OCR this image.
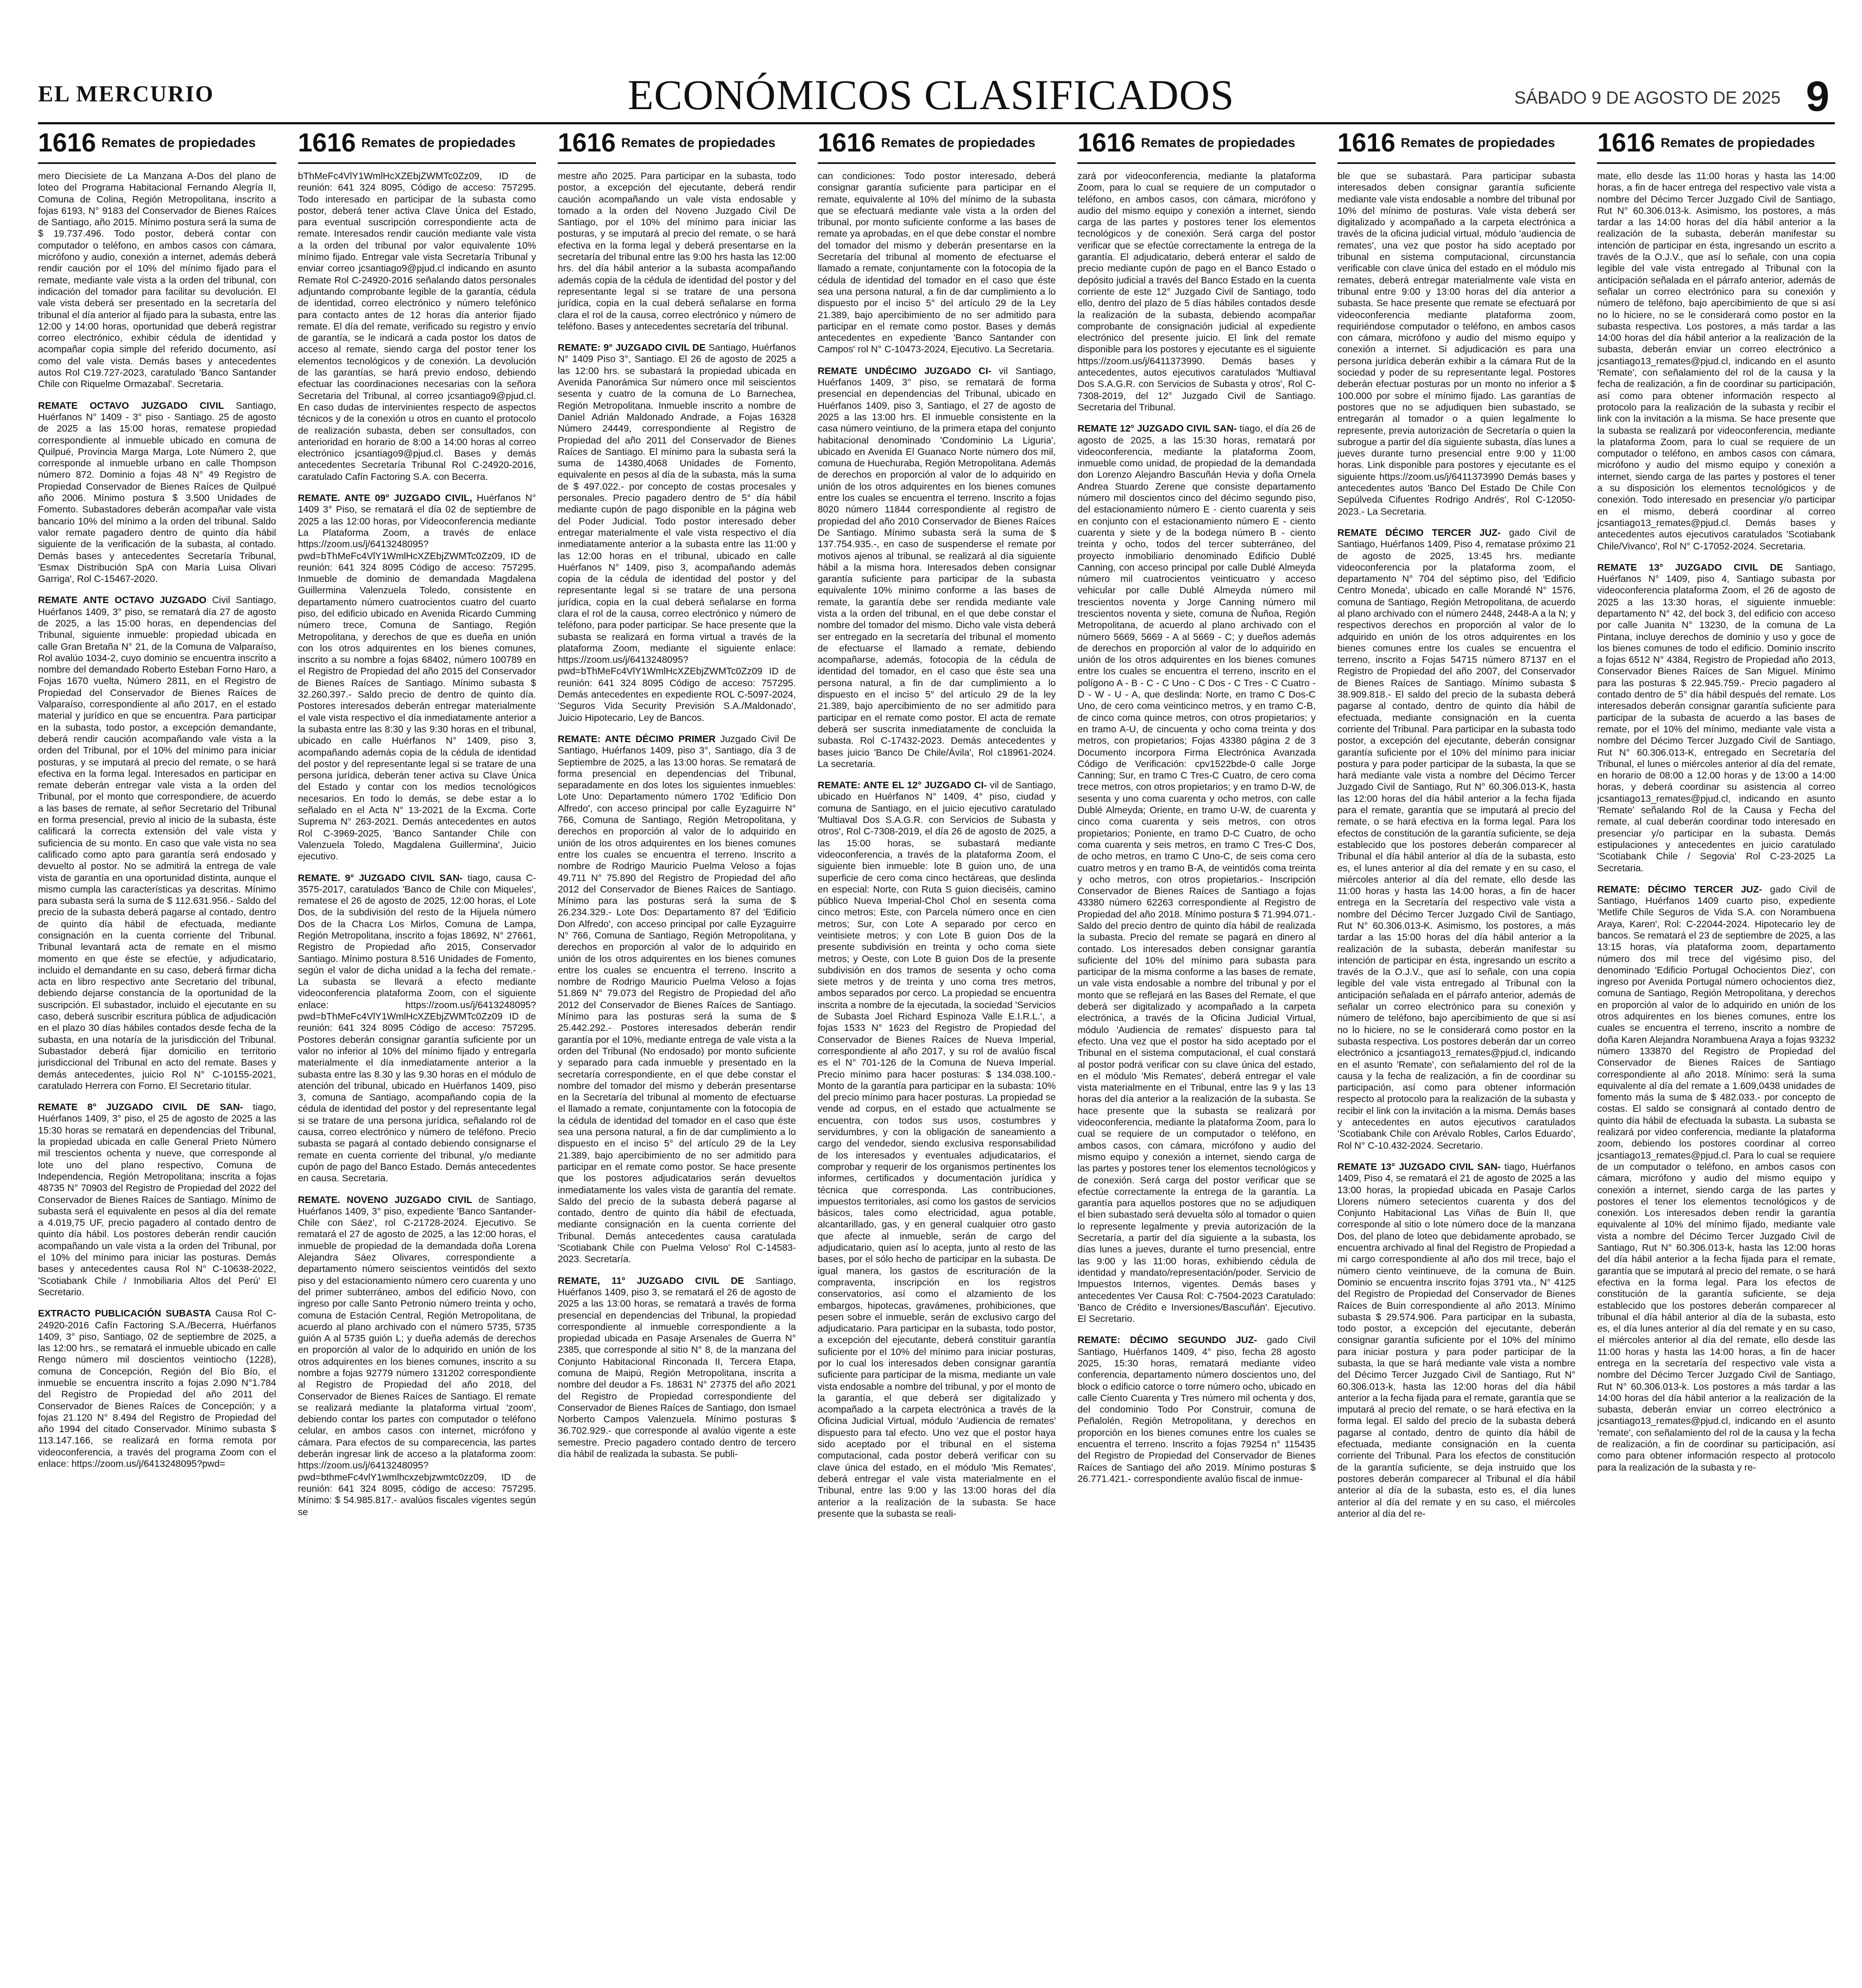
EL MERCURIO	ECONÓMICOS CLASIFICADOS	SÁBADO 9 DE AGOSTO DE 2025 9
1616 Remates de propiedades

mero Diecisiete de La Manzana A-Dos del plano de loteo del Programa Habitacional Fernando Alegría II, Comuna de Colina, Región Metropolitana, inscrito a fojas 6193, N° 9183 del Conservador de Bienes Raíces de Santiago, año 2015. Mínimo postura será la suma de $ 19.737.496. Todo postor, deberá contar con computador o teléfono, en ambos casos con cámara, micrófono y audio, conexión a internet, además deberá rendir caución por el 10% del mínimo fijado para el remate, mediante vale vista a la orden del tribunal, con indicación del tomador para facilitar su devolución. El vale vista deberá ser presentado en la secretaría del tribunal el día anterior al fijado para la subasta, entre las 12:00 y 14:00 horas, oportunidad que deberá registrar correo electrónico, exhibir cédula de identidad y acompañar copia simple del referido documento, así como del vale vista. Demás bases y antecedentes autos Rol C19.727-2023, caratulado 'Banco Santander Chile con Riquelme Ormazabal'. Secretaria.

REMATE OCTAVO JUZGADO CIVIL

Santiago, Huérfanos N° 1409 - 3° piso - Santiago. 25 de agosto de 2025 a las 15:00 horas, rematese propiedad correspondiente al inmueble ubicado en comuna de Quilpué, Provincia Marga Marga, Lote Número 2, que corresponde al inmueble urbano en calle Thompson número 872. Dominio a fojas 48 N° 49 Registro de Propiedad Conservador de Bienes Raíces de Quilpué año 2006. Mínimo postura $ 3.500 Unidades de Fomento. Subastadores deberán acompañar vale vista bancario 10% del mínimo a la orden del tribunal. Saldo valor remate pagadero dentro de quinto día hábil siguiente de la verificación de la subasta, al contado. Demás bases y antecedentes Secretaría Tribunal, 'Esmax Distribución SpA con María Luisa Olivari Garriga', Rol C-15467-2020.

REMATE ANTE OCTAVO JUZGADO

Civil Santiago, Huérfanos 1409, 3° piso, se rematará día 27 de agosto de 2025, a las 15:00 horas, en dependencias del Tribunal, siguiente inmueble: propiedad ubicada en calle Gran Bretaña N° 21, de la Comuna de Valparaíso, Rol avalúo 1034-2, cuyo dominio se encuentra inscrito a nombre del demandado Roberto Esteban Forno Haro, a Fojas 1670 vuelta, Número 2811, en el Registro de Propiedad del Conservador de Bienes Raíces de Valparaíso, correspondiente al año 2017, en el estado material y jurídico en que se encuentra. Para participar en la subasta, todo postor, a excepción demandante, deberá rendir caución acompañando vale vista a la orden del Tribunal, por el 10% del mínimo para iniciar posturas, y se imputará al precio del remate, o se hará efectiva en la forma legal. Interesados en participar en remate deberán entregar vale vista a la orden del Tribunal, por el monto que correspondiere, de acuerdo a las bases de remate, al señor Secretario del Tribunal en forma presencial, previo al inicio de la subasta, éste calificará la correcta extensión del vale vista y suficiencia de su monto. En caso que vale vista no sea calificado como apto para garantía será endosado y devuelto al postor. No se admitirá la entrega de vale vista de garantía en una oportunidad distinta, aunque el mismo cumpla las características ya descritas. Mínimo para subasta será la suma de $ 112.631.956.- Saldo del precio de la subasta deberá pagarse al contado, dentro de quinto día hábil de efectuada, mediante consignación en la cuenta corriente del Tribunal. Tribunal levantará acta de remate en el mismo momento en que éste se efectúe, y adjudicatario, incluido el demandante en su caso, deberá firmar dicha acta en libro respectivo ante Secretario del tribunal, debiendo dejarse constancia de la oportunidad de la suscripción. El subastador, incluido el ejecutante en su caso, deberá suscribir escritura pública de adjudicación en el plazo 30 días hábiles contados desde fecha de la subasta, en una notaría de la jurisdicción del Tribunal. Subastador deberá fijar domicilio en territorio jurisdiccional del Tribunal en acto del remate. Bases y demás antecedentes, juicio Rol N° C-10155-2021, caratulado Herrera con Forno. El Secretario titular.

REMATE 8° JUZGADO CIVIL DE SAN-

tiago, Huérfanos 1409, 3° piso, el 25 de agosto de 2025 a las 15:30 horas se rematará en dependencias del Tribunal, la propiedad ubicada en calle General Prieto Número mil trescientos ochenta y nueve, que corresponde al lote uno del plano respectivo, Comuna de Independencia, Región Metropolitana; inscrita a fojas 48735 N° 70903 del Registro de Propiedad del 2022 del Conservador de Bienes Raíces de Santiago. Mínimo de subasta será el equivalente en pesos al día del remate a 4.019,75 UF, precio pagadero al contado dentro de quinto día hábil. Los postores deberán rendir caución acompañando un vale vista a la orden del Tribunal, por el 10% del mínimo para iniciar las posturas. Demás bases y antecedentes causa Rol N° C-10638-2022, 'Scotiabank Chile / Inmobiliaria Altos del Perú' El Secretario.

EXTRACTO PUBLICACIÓN SUBASTA

Causa Rol C-24920-2016 Cafín Factoring S.A./Becerra, Huérfanos 1409, 3° piso, Santiago, 02 de septiembre de 2025, a las 12:00 hrs., se rematará el inmueble ubicado en calle Rengo número mil doscientos veintiocho (1228), comuna de Concepción, Región del Bío Bío, el inmueble se encuentra inscrito a fojas 2.090 N°1.784 del Registro de Propiedad del año 2011 del Conservador de Bienes Raíces de Concepción; y a fojas 21.120 N° 8.494 del Registro de Propiedad del año 1994 del citado Conservador. Mínimo subasta $ 113.147.166, se realizará en forma remota por videoconferencia, a través del programa Zoom con el enlace: https://zoom.us/j/6413248095?pwd=

1616 Remates de propiedades

bThMeFc4VlY1WmlHcXZEbjZWMTc0Zz09, ID de reunión: 641 324 8095, Código de acceso: 757295. Todo interesado en participar de la subasta como postor, deberá tener activa Clave Única del Estado, para eventual suscripción correspondiente acta de remate. Interesados rendir caución mediante vale vista a la orden del tribunal por valor equivalente 10% mínimo fijado. Entregar vale vista Secretaría Tribunal y enviar correo jcsantiago9@pjud.cl indicando en asunto Remate Rol C-24920-2016 señalando datos personales adjuntando comprobante legible de la garantía, cédula de identidad, correo electrónico y número telefónico para contacto antes de 12 horas día anterior fijado remate. El día del remate, verificado su registro y envío de garantía, se le indicará a cada postor los datos de acceso al remate, siendo carga del postor tener los elementos tecnológicos y de conexión. La devolución de las garantías, se hará previo endoso, debiendo efectuar las coordinaciones necesarias con la señora Secretaria del Tribunal, al correo jcsantiago9@pjud.cl. En caso dudas de intervinientes respecto de aspectos técnicos y de la conexión u otros en cuanto el protocolo de realización subasta, deben ser consultados, con anterioridad en horario de 8:00 a 14:00 horas al correo electrónico jcsantiago9@pjud.cl. Bases y demás antecedentes Secretaría Tribunal Rol C-24920-2016, caratulado Cafín Factoring S.A. con Becerra.

REMATE. ANTE 09° JUZGADO CIVIL,

Huérfanos N° 1409 3° Piso, se rematará el día 02 de septiembre de 2025 a las 12:00 horas, por Videoconferencia mediante La Plataforma Zoom, a través de enlace https://zoom.us/j/6413248095?pwd=bThMeFc4VlY1WmlHcXZEbjZWMTc0Zz09, ID de reunión: 641 324 8095 Código de acceso: 757295. Inmueble de dominio de demandada Magdalena Guillermina Valenzuela Toledo, consistente en departamento número cuatrocientos cuatro del cuarto piso, del edificio ubicado en Avenida Ricardo Cumming número trece, Comuna de Santiago, Región Metropolitana, y derechos de que es dueña en unión con los otros adquirentes en los bienes comunes, inscrito a su nombre a fojas 68402, número 100789 en el Registro de Propiedad del año 2015 del Conservador de Bienes Raíces de Santiago. Mínimo subasta $ 32.260.397.- Saldo precio de dentro de quinto día. Postores interesados deberán entregar materialmente el vale vista respectivo el día inmediatamente anterior a la subasta entre las 8:30 y las 9:30 horas en el tribunal, ubicado en calle Huérfanos N° 1409, piso 3, acompañando además copia de la cédula de identidad del postor y del representante legal si se tratare de una persona jurídica, deberán tener activa su Clave Única del Estado y contar con los medios tecnológicos necesarios. En todo lo demás, se debe estar a lo señalado en el Acta N° 13-2021 de la Excma. Corte Suprema N° 263-2021. Demás antecedentes en autos Rol C-3969-2025, 'Banco Santander Chile con Valenzuela Toledo, Magdalena Guillermina', Juicio ejecutivo.

REMATE. 9° JUZGADO CIVIL SAN-

tiago, causa C-3575-2017, caratulados 'Banco de Chile con Miqueles', rematese el 26 de agosto de 2025, 12:00 horas, el Lote Dos, de la subdivisión del resto de la Hijuela número Dos de la Chacra Los Mirlos, Comuna de Lampa, Región Metropolitana, inscrito a fojas 18692, N° 27661, Registro de Propiedad año 2015, Conservador Santiago. Mínimo postura 8.516 Unidades de Fomento, según el valor de dicha unidad a la fecha del remate.- La subasta se llevará a efecto mediante videoconferencia plataforma Zoom, con el siguiente enlace: https://zoom.us/j/6413248095?pwd=bThMeFc4VlY1WmlHcXZEbjZWMTc0Zz09 ID de reunión: 641 324 8095 Código de acceso: 757295. Postores deberán consignar garantía suficiente por un valor no inferior al 10% del mínimo fijado y entregarla materialmente el día inmediatamente anterior a la subasta entre las 8.30 y las 9.30 horas en el módulo de atención del tribunal, ubicado en Huérfanos 1409, piso 3, comuna de Santiago, acompañando copia de la cédula de identidad del postor y del representante legal si se tratare de una persona jurídica, señalando rol de causa, correo electrónico y número de teléfono. Precio subasta se pagará al contado debiendo consignarse el remate en cuenta corriente del tribunal, y/o mediante cupón de pago del Banco Estado. Demás antecedentes en causa. Secretaria.

REMATE. NOVENO JUZGADO CIVIL

de Santiago, Huérfanos 1409, 3° piso, expediente 'Banco Santander-Chile con Sáez', rol C-21728-2024. Ejecutivo. Se rematará el 27 de agosto de 2025, a las 12:00 horas, el inmueble de propiedad de la demandada doña Lorena Alejandra Sáez Olivares, correspondiente a departamento número seiscientos veintidós del sexto piso y del estacionamiento número cero cuarenta y uno del primer subterráneo, ambos del edificio Novo, con ingreso por calle Santo Petronio número treinta y ocho, comuna de Estación Central, Región Metropolitana, de acuerdo al plano archivado con el número 5735, 5735 guión A al 5735 guión L; y dueña además de derechos en proporción al valor de lo adquirido en unión de los otros adquirentes en los bienes comunes, inscrito a su nombre a fojas 92779 número 131202 correspondiente al Registro de Propiedad del año 2018, del Conservador de Bienes Raíces de Santiago. El remate se realizará mediante la plataforma virtual 'zoom', debiendo contar los partes con computador o teléfono celular, en ambos casos con internet, micrófono y cámara. Para efectos de su comparecencia, las partes deberán ingresar link de acceso a la plataforma zoom: https://zoom.us/j/6413248095?pwd=bthmeFc4vlY1wmlhcxzebjzwmtc0zz09, ID de reunión: 641 324 8095, código de acceso: 757295. Mínimo: $ 54.985.817.- avalúos fiscales vigentes según se

1616 Remates de propiedades

mestre año 2025. Para participar en la subasta, todo postor, a excepción del ejecutante, deberá rendir caución acompañando un vale vista endosable y tomado a la orden del Noveno Juzgado Civil De Santiago, por el 10% del mínimo para iniciar las posturas, y se imputará al precio del remate, o se hará efectiva en la forma legal y deberá presentarse en la secretaría del tribunal entre las 9:00 hrs hasta las 12:00 hrs. del día hábil anterior a la subasta acompañando además copia de la cédula de identidad del postor y del representante legal si se tratare de una persona jurídica, copia en la cual deberá señalarse en forma clara el rol de la causa, correo electrónico y número de teléfono. Bases y antecedentes secretaría del tribunal.

REMATE: 9° JUZGADO CIVIL DE

Santiago, Huérfanos N° 1409 Piso 3°, Santiago. El 26 de agosto de 2025 a las 12:00 hrs. se subastará la propiedad ubicada en Avenida Panorámica Sur número once mil seiscientos sesenta y cuatro de la comuna de Lo Barnechea, Región Metropolitana. Inmueble inscrito a nombre de Daniel Adrián Maldonado Andrade, a Fojas 16328 Número 24449, correspondiente al Registro de Propiedad del año 2011 del Conservador de Bienes Raíces de Santiago. El mínimo para la subasta será la suma de 14380,4068 Unidades de Fomento, equivalente en pesos al día de la subasta, más la suma de $ 497.022.- por concepto de costas procesales y personales. Precio pagadero dentro de 5° día hábil mediante cupón de pago disponible en la página web del Poder Judicial. Todo postor interesado deber entregar materialmente el vale vista respectivo el día inmediatamente anterior a la subasta entre las 11:00 y las 12:00 horas en el tribunal, ubicado en calle Huérfanos N° 1409, piso 3, acompañando además copia de la cédula de identidad del postor y del representante legal si se tratare de una persona jurídica, copia en la cual deberá señalarse en forma clara el rol de la causa, correo electrónico y número de teléfono, para poder participar. Se hace presente que la subasta se realizará en forma virtual a través de la plataforma Zoom, mediante el siguiente enlace: https://zoom.us/j/6413248095?pwd=bThMeFc4VlY1WmlHcXZEbjZWMTc0Zz09 ID de reunión: 641 324 8095 Código de acceso: 757295. Demás antecedentes en expediente ROL C-5097-2024, 'Seguros Vida Security Previsión S.A./Maldonado', Juicio Hipotecario, Ley de Bancos.

REMATE: ANTE DÉCIMO PRIMER

Juzgado Civil De Santiago, Huérfanos 1409, piso 3°, Santiago, día 3 de Septiembre de 2025, a las 13:00 horas. Se rematará de forma presencial en dependencias del Tribunal, separadamente en dos lotes los siguientes inmuebles: Lote Uno: Departamento número 1702 'Edificio Don Alfredo', con acceso principal por calle Eyzaguirre N° 766, Comuna de Santiago, Región Metropolitana, y derechos en proporción al valor de lo adquirido en unión de los otros adquirentes en los bienes comunes entre los cuales se encuentra el terreno. Inscrito a nombre de Rodrigo Mauricio Puelma Veloso a fojas 49.711 N° 75.890 del Registro de Propiedad del año 2012 del Conservador de Bienes Raíces de Santiago. Mínimo para las posturas será la suma de $ 26.234.329.- Lote Dos: Departamento 87 del 'Edificio Don Alfredo', con acceso principal por calle Eyzaguirre N° 766, Comuna de Santiago, Región Metropolitana, y derechos en proporción al valor de lo adquirido en unión de los otros adquirentes en los bienes comunes entre los cuales se encuentra el terreno. Inscrito a nombre de Rodrigo Mauricio Puelma Veloso a fojas 51.869 N° 79.073 del Registro de Propiedad del año 2012 del Conservador de Bienes Raíces de Santiago. Mínimo para las posturas será la suma de $ 25.442.292.- Postores interesados deberán rendir garantía por el 10%, mediante entrega de vale vista a la orden del Tribunal (No endosado) por monto suficiente y separado para cada inmueble y presentado en la secretaría correspondiente, en el que debe constar el nombre del tomador del mismo y deberán presentarse en la Secretaría del tribunal al momento de efectuarse el llamado a remate, conjuntamente con la fotocopia de la cédula de identidad del tomador en el caso que éste sea una persona natural, a fin de dar cumplimiento a lo dispuesto en el inciso 5° del artículo 29 de la Ley 21.389, bajo apercibimiento de no ser admitido para participar en el remate como postor. Se hace presente que los postores adjudicatarios serán devueltos inmediatamente los vales vista de garantía del remate. Saldo del precio de la subasta deberá pagarse al contado, dentro de quinto día hábil de efectuada, mediante consignación en la cuenta corriente del Tribunal. Demás antecedentes causa caratulada 'Scotiabank Chile con Puelma Veloso' Rol C-14583-2023. Secretaría.

REMATE, 11° JUZGADO CIVIL DE

Santiago, Huérfanos 1409, piso 3, se rematará el 26 de agosto de 2025 a las 13:00 horas, se rematará a través de forma presencial en dependencias del Tribunal, la propiedad correspondiente al inmueble correspondiente a la propiedad ubicada en Pasaje Arsenales de Guerra N° 2385, que corresponde al sitio N° 8, de la manzana del Conjunto Habitacional Rinconada II, Tercera Etapa, comuna de Maipú, Región Metropolitana, inscrita a nombre del deudor a Fs. 18631 N° 27375 del año 2021 del Registro de Propiedad correspondiente del Conservador de Bienes Raíces de Santiago, don Ismael Norberto Campos Valenzuela. Mínimo posturas $ 36.702.929.- que corresponde al avalúo vigente a este semestre. Precio pagadero contado dentro de tercero día hábil de realizada la subasta. Se publi-

1616 Remates de propiedades

can condiciones: Todo postor interesado, deberá consignar garantía suficiente para participar en el remate, equivalente al 10% del mínimo de la subasta que se efectuará mediante vale vista a la orden del tribunal, por monto suficiente conforme a las bases de remate ya aprobadas, en el que debe constar el nombre del tomador del mismo y deberán presentarse en la Secretaría del tribunal al momento de efectuarse el llamado a remate, conjuntamente con la fotocopia de la cédula de identidad del tomador en el caso que éste sea una persona natural, a fin de dar cumplimiento a lo dispuesto por el inciso 5° del artículo 29 de la Ley 21.389, bajo apercibimiento de no ser admitido para participar en el remate como postor. Bases y demás antecedentes en expediente 'Banco Santander con Campos' rol N° C-10473-2024, Ejecutivo. La Secretaria.

REMATE UNDÉCIMO JUZGADO CI-

vil Santiago, Huérfanos 1409, 3° piso, se rematará de forma presencial en dependencias del Tribunal, ubicado en Huérfanos 1409, piso 3, Santiago, el 27 de agosto de 2025 a las 13:00 hrs. El inmueble consistente en la casa número veintiuno, de la primera etapa del conjunto habitacional denominado 'Condominio La Liguria', ubicado en Avenida El Guanaco Norte número dos mil, comuna de Huechuraba, Región Metropolitana. Además de derechos en proporción al valor de lo adquirido en unión de los otros adquirentes en los bienes comunes entre los cuales se encuentra el terreno. Inscrito a fojas 8020 número 11844 correspondiente al registro de propiedad del año 2010 Conservador de Bienes Raíces De Santiago. Mínimo subasta será la suma de $ 137.754.935.-, en caso de suspenderse el remate por motivos ajenos al tribunal, se realizará al día siguiente hábil a la misma hora. Interesados deben consignar garantía suficiente para participar de la subasta equivalente 10% mínimo conforme a las bases de remate, la garantía debe ser rendida mediante vale vista a la orden del tribunal, en el que debe constar el nombre del tomador del mismo. Dicho vale vista deberá ser entregado en la secretaría del tribunal el momento de efectuarse el llamado a remate, debiendo acompañarse, además, fotocopia de la cédula de identidad del tomador, en el caso que éste sea una persona natural, a fin de dar cumplimiento a lo dispuesto en el inciso 5° del artículo 29 de la ley 21.389, bajo apercibimiento de no ser admitido para participar en el remate como postor. El acta de remate deberá ser suscrita inmediatamente de concluida la subasta. Rol C-17432-2023. Demás antecedentes y bases juicio 'Banco De Chile/Ávila', Rol c18961-2024. La secretaria.

REMATE: ANTE EL 12° JUZGADO CI-

vil de Santiago, ubicado en Huérfanos N° 1409, 4° piso, ciudad y comuna de Santiago, en el juicio ejecutivo caratulado 'Multiaval Dos S.A.G.R. con Servicios de Subasta y otros', Rol C-7308-2019, el día 26 de agosto de 2025, a las 15:00 horas, se subastará mediante videoconferencia, a través de la plataforma Zoom, el siguiente bien inmueble: lote B guion uno, de una superficie de cero coma cinco hectáreas, que deslinda en especial: Norte, con Ruta S guion dieciséis, camino público Nueva Imperial-Chol Chol en sesenta coma cinco metros; Este, con Parcela número once en cien metros; Sur, con Lote A separado por cerco en veintisiete metros; y con Lote B guion Dos de la presente subdivisión en treinta y ocho coma siete metros; y Oeste, con Lote B guion Dos de la presente subdivisión en dos tramos de sesenta y ocho coma siete metros y de treinta y uno coma tres metros, ambos separados por cerco. La propiedad se encuentra inscrita a nombre de la ejecutada, la sociedad 'Servicios de Subasta Joel Richard Espinoza Valle E.I.R.L.', a fojas 1533 N° 1623 del Registro de Propiedad del Conservador de Bienes Raíces de Nueva Imperial, correspondiente al año 2017, y su rol de avalúo fiscal es el N° 701-126 de la Comuna de Nueva Imperial. Precio mínimo para hacer posturas: $ 134.038.100.- Monto de la garantía para participar en la subasta: 10% del precio mínimo para hacer posturas. La propiedad se vende ad corpus, en el estado que actualmente se encuentra, con todos sus usos, costumbres y servidumbres, y con la obligación de saneamiento a cargo del vendedor, siendo exclusiva responsabilidad de los interesados y eventuales adjudicatarios, el comprobar y requerir de los organismos pertinentes los informes, certificados y documentación jurídica y técnica que corresponda. Las contribuciones, impuestos territoriales, así como los gastos de servicios básicos, tales como electricidad, agua potable, alcantarillado, gas, y en general cualquier otro gasto que afecte al inmueble, serán de cargo del adjudicatario, quien así lo acepta, junto al resto de las bases, por el sólo hecho de participar en la subasta. De igual manera, los gastos de escrituración de la compraventa, inscripción en los registros conservatorios, así como el alzamiento de los embargos, hipotecas, gravámenes, prohibiciones, que pesen sobre el inmueble, serán de exclusivo cargo del adjudicatario. Para participar en la subasta, todo postor, a excepción del ejecutante, deberá constituir garantía suficiente por el 10% del mínimo para iniciar posturas, por lo cual los interesados deben consignar garantía suficiente para participar de la misma, mediante un vale vista endosable a nombre del tribunal, y por el monto de la garantía, el que deberá ser digitalizado y acompañado a la carpeta electrónica a través de la Oficina Judicial Virtual, módulo 'Audiencia de remates' dispuesto para tal efecto. Uno vez que el postor haya sido aceptado por el tribunal en el sistema computacional, cada postor deberá verificar con su clave única del estado, en el módulo 'Mis Remates', deberá entregar el vale vista materialmente en el Tribunal, entre las 9:00 y las 13:00 horas del día anterior a la realización de la subasta. Se hace presente que la subasta se reali-

1616 Remates de propiedades

zará por videoconferencia, mediante la plataforma Zoom, para lo cual se requiere de un computador o teléfono, en ambos casos, con cámara, micrófono y audio del mismo equipo y conexión a internet, siendo carga de las partes y postores tener los elementos tecnológicos y de conexión. Será carga del postor verificar que se efectúe correctamente la entrega de la garantía. El adjudicatario, deberá enterar el saldo de precio mediante cupón de pago en el Banco Estado o depósito judicial a través del Banco Estado en la cuenta corriente de este 12° Juzgado Civil de Santiago, todo ello, dentro del plazo de 5 días hábiles contados desde la realización de la subasta, debiendo acompañar comprobante de consignación judicial al expediente electrónico del presente juicio. El link del remate disponible para los postores y ejecutante es el siguiente https://zoom.us/j/6411373990. Demás bases y antecedentes, autos ejecutivos caratulados 'Multiaval Dos S.A.G.R. con Servicios de Subasta y otros', Rol C-7308-2019, del 12° Juzgado Civil de Santiago. Secretaria del Tribunal.

REMATE 12° JUZGADO CIVIL SAN-

tiago, el día 26 de agosto de 2025, a las 15:30 horas, rematará por videoconferencia, mediante la plataforma Zoom, inmueble como unidad, de propiedad de la demandada don Lorenzo Alejandro Bascuñán Hevia y doña Ornela Andrea Stuardo Zerene que consiste departamento número mil doscientos cinco del décimo segundo piso, del estacionamiento número E - ciento cuarenta y seis en conjunto con el estacionamiento número E - ciento cuarenta y siete y de la bodega número B - ciento treinta y ocho, todos del tercer subterráneo, del proyecto inmobiliario denominado Edificio Dublé Canning, con acceso principal por calle Dublé Almeyda número mil cuatrocientos veinticuatro y acceso vehicular por calle Dublé Almeyda número mil trescientos noventa y Jorge Canning número mil trescientos noventa y siete, comuna de Ñuñoa, Región Metropolitana, de acuerdo al plano archivado con el número 5669, 5669 - A al 5669 - C; y dueños además de derechos en proporción al valor de lo adquirido en unión de los otros adquirentes en los bienes comunes entre los cuales se encuentra el terreno, inscrito en el polígono A - B - C - C Uno - C Dos - C Tres - C Cuatro - D - W - U - A, que deslinda: Norte, en tramo C Dos-C Uno, de cero coma veinticinco metros, y en tramo C-B, de cinco coma quince metros, con otros propietarios; y en tramo A-U, de cincuenta y ocho coma treinta y dos metros, con propietarios; Fojas 43380 página 2 de 3 Documento incorpora Firma Electrónica Avanzada Código de Verificación: cpv1522bde-0 calle Jorge Canning; Sur, en tramo C Tres-C Cuatro, de cero coma trece metros, con otros propietarios; y en tramo D-W, de sesenta y uno coma cuarenta y ocho metros, con calle Dublé Almeyda; Oriente, en tramo U-W, de cuarenta y cinco coma cuarenta y seis metros, con otros propietarios; Poniente, en tramo D-C Cuatro, de ocho coma cuarenta y seis metros, en tramo C Tres-C Dos, de ocho metros, en tramo C Uno-C, de seis coma cero cuatro metros y en tramo B-A, de veintidós coma treinta y ocho metros, con otros propietarios.- Inscripción Conservador de Bienes Raíces de Santiago a fojas 43380 número 62263 correspondiente al Registro de Propiedad del año 2018. Mínimo postura $ 71.994.071.- Saldo del precio dentro de quinto día hábil de realizada la subasta. Precio del remate se pagará en dinero al contado. Los interesados deben consignar garantía suficiente del 10% del mínimo para subasta para participar de la misma conforme a las bases de remate, un vale vista endosable a nombre del tribunal y por el monto que se reflejará en las Bases del Remate, el que deberá ser digitalizado y acompañado a la carpeta electrónica, a través de la Oficina Judicial Virtual, módulo 'Audiencia de remates' dispuesto para tal efecto. Una vez que el postor ha sido aceptado por el Tribunal en el sistema computacional, el cual constará al postor podrá verificar con su clave única del estado, en el módulo 'Mis Remates', deberá entregar el vale vista materialmente en el Tribunal, entre las 9 y las 13 horas del día anterior a la realización de la subasta. Se hace presente que la subasta se realizará por videoconferencia, mediante la plataforma Zoom, para lo cual se requiere de un computador o teléfono, en ambos casos, con cámara, micrófono y audio del mismo equipo y conexión a internet, siendo carga de las partes y postores tener los elementos tecnológicos y de conexión. Será carga del postor verificar que se efectúe correctamente la entrega de la garantía. La garantía para aquellos postores que no se adjudiquen el bien subastado será devuelta sólo al tomador o quien lo represente legalmente y previa autorización de la Secretaría, a partir del día siguiente a la subasta, los días lunes a jueves, durante el turno presencial, entre las 9:00 y las 11:00 horas, exhibiendo cédula de identidad y mandato/representación/poder. Servicio de Impuestos Internos, vigentes. Demás bases y antecedentes Ver Causa Rol: C-7504-2023 Caratulado: 'Banco de Crédito e Inversiones/Bascuñán'. Ejecutivo. El Secretario.

REMATE: DÉCIMO SEGUNDO JUZ-

gado Civil Santiago, Huérfanos 1409, 4° piso, fecha 28 agosto 2025, 15:30 horas, rematará mediante video conferencia, departamento número doscientos uno, del block o edificio catorce o torre número ocho, ubicado en calle Ciento Cuarenta y Tres número mil ochenta y dos, del condominio Todo Por Construir, comuna de Peñalolén, Región Metropolitana, y derechos en proporción en los bienes comunes entre los cuales se encuentra el terreno. Inscrito a fojas 79254 n° 115435 del Registro de Propiedad del Conservador de Bienes Raíces de Santiago del año 2019. Mínimo posturas $ 26.771.421.- correspondiente avalúo fiscal de inmue-

1616 Remates de propiedades

ble que se subastará. Para participar subasta interesados deben consignar garantía suficiente mediante vale vista endosable a nombre del tribunal por 10% del mínimo de posturas. Vale vista deberá ser digitalizado y acompañado a la carpeta electrónica a través de la oficina judicial virtual, módulo 'audiencia de remates', una vez que postor ha sido aceptado por tribunal en sistema computacional, circunstancia verificable con clave única del estado en el módulo mis remates, deberá entregar materialmente vale vista en tribunal entre 9:00 y 13:00 horas del día anterior a subasta. Se hace presente que remate se efectuará por videoconferencia mediante plataforma zoom, requiriéndose computador o teléfono, en ambos casos con cámara, micrófono y audio del mismo equipo y conexión a internet. Si adjudicación es para una persona jurídica deberán exhibir a la cámara Rut de la sociedad y poder de su representante legal. Postores deberán efectuar posturas por un monto no inferior a $ 100.000 por sobre el mínimo fijado. Las garantías de postores que no se adjudiquen bien subastado, se entregarán al tomador o a quien legalmente lo represente, previa autorización de Secretaría o quien la subrogue a partir del día siguiente subasta, días lunes a jueves durante turno presencial entre 9:00 y 11:00 horas. Link disponible para postores y ejecutante es el siguiente https://zoom.us/j/6411373990 Demás bases y antecedentes autos 'Banco Del Estado De Chile Con Sepúlveda Cifuentes Rodrigo Andrés', Rol C-12050-2023.- La Secretaria.

REMATE DÉCIMO TERCER JUZ-

gado Civil de Santiago, Huérfanos 1409, Piso 4, rematase próximo 21 de agosto de 2025, 13:45 hrs. mediante videoconferencia por la plataforma zoom, el departamento N° 704 del séptimo piso, del 'Edificio Centro Moneda', ubicado en calle Morandé N° 1576, comuna de Santiago, Región Metropolitana, de acuerdo al plano archivado con el número 2448, 2448-A a la N; y respectivos derechos en proporción al valor de lo adquirido en unión de los otros adquirentes en los bienes comunes entre los cuales se encuentra el terreno, inscrito a Fojas 54715 número 87137 en el Registro de Propiedad del año 2007, del Conservador de Bienes Raíces de Santiago. Mínimo subasta $ 38.909.818.- El saldo del precio de la subasta deberá pagarse al contado, dentro de quinto día hábil de efectuada, mediante consignación en la cuenta corriente del Tribunal. Para participar en la subasta todo postor, a excepción del ejecutante, deberán consignar garantía suficiente por el 10% del mínimo para iniciar postura y para poder participar de la subasta, la que se hará mediante vale vista a nombre del Décimo Tercer Juzgado Civil de Santiago, Rut N° 60.306.013-K, hasta las 12:00 horas del día hábil anterior a la fecha fijada para el remate, garantía que se imputará al precio del remate, o se hará efectiva en la forma legal. Para los efectos de constitución de la garantía suficiente, se deja establecido que los postores deberán comparecer al Tribunal el día hábil anterior al día de la subasta, esto es, el lunes anterior al día del remate y en su caso, el miércoles anterior al día del remate, ello desde las 11:00 horas y hasta las 14:00 horas, a fin de hacer entrega en la Secretaría del respectivo vale vista a nombre del Décimo Tercer Juzgado Civil de Santiago, Rut N° 60.306.013-K. Asimismo, los postores, a más tardar a las 15:00 horas del día hábil anterior a la realización de la subasta, deberán manifestar su intención de participar en ésta, ingresando un escrito a través de la O.J.V., que así lo señale, con una copia legible del vale vista entregado al Tribunal con la anticipación señalada en el párrafo anterior, además de señalar un correo electrónico para su conexión y número de teléfono, bajo apercibimiento de que si así no lo hiciere, no se le considerará como postor en la subasta respectiva. Los postores deberán dar un correo electrónico a jcsantiago13_remates@pjud.cl, indicando en el asunto 'Remate', con señalamiento del rol de la causa y la fecha de realización, a fin de coordinar su participación, así como para obtener información respecto al protocolo para la realización de la subasta y recibir el link con la invitación a la misma. Demás bases y antecedentes en autos ejecutivos caratulados 'Scotiabank Chile con Arévalo Robles, Carlos Eduardo', Rol N° C-10.432-2024. Secretario.

REMATE 13° JUZGADO CIVIL SAN-

tiago, Huérfanos 1409, Piso 4, se rematará el 21 de agosto de 2025 a las 13:00 horas, la propiedad ubicada en Pasaje Carlos Llorens número setecientos cuarenta y dos del Conjunto Habitacional Las Viñas de Buin II, que corresponde al sitio o lote número doce de la manzana Dos, del plano de loteo que debidamente aprobado, se encuentra archivado al final del Registro de Propiedad a mi cargo correspondiente al año dos mil trece, bajo el número ciento veintinueve, de la comuna de Buin. Dominio se encuentra inscrito fojas 3791 vta., N° 4125 del Registro de Propiedad del Conservador de Bienes Raíces de Buin correspondiente al año 2013. Mínimo subasta $ 29.574.906. Para participar en la subasta, todo postor, a excepción del ejecutante, deberán consignar garantía suficiente por el 10% del mínimo para iniciar postura y para poder participar de la subasta, la que se hará mediante vale vista a nombre del Décimo Tercer Juzgado Civil de Santiago, Rut N° 60.306.013-k, hasta las 12:00 horas del día hábil anterior a la fecha fijada para el remate, garantía que se imputará al precio del remate, o se hará efectiva en la forma legal. El saldo del precio de la subasta deberá pagarse al contado, dentro de quinto día hábil de efectuada, mediante consignación en la cuenta corriente del Tribunal. Para los efectos de constitución de la garantía suficiente, se deja instruido que los postores deberán comparecer al Tribunal el día hábil anterior al día de la subasta, esto es, el día lunes anterior al día del remate y en su caso, el miércoles anterior al día del re-

1616 Remates de propiedades

mate, ello desde las 11:00 horas y hasta las 14:00 horas, a fin de hacer entrega del respectivo vale vista a nombre del Décimo Tercer Juzgado Civil de Santiago, Rut N° 60.306.013-k. Asimismo, los postores, a más tardar a las 14:00 horas del día hábil anterior a la realización de la subasta, deberán manifestar su intención de participar en ésta, ingresando un escrito a través de la O.J.V., que así lo señale, con una copia legible del vale vista entregado al Tribunal con la anticipación señalada en el párrafo anterior, además de señalar un correo electrónico para su conexión y número de teléfono, bajo apercibimiento de que si así no lo hiciere, no se le considerará como postor en la subasta respectiva. Los postores, a más tardar a las 14:00 horas del día hábil anterior a la realización de la subasta, deberán enviar un correo electrónico a jcsantiago13_remates@pjud.cl, indicando en el asunto 'Remate', con señalamiento del rol de la causa y la fecha de realización, a fin de coordinar su participación, así como para obtener información respecto al protocolo para la realización de la subasta y recibir el link con la invitación a la misma. Se hace presente que la subasta se realizará por videoconferencia, mediante la plataforma Zoom, para lo cual se requiere de un computador o teléfono, en ambos casos con cámara, micrófono y audio del mismo equipo y conexión a internet, siendo carga de las partes y postores el tener a su disposición los elementos tecnológicos y de conexión. Todo interesado en presenciar y/o participar en el mismo, deberá coordinar al correo jcsantiago13_remates@pjud.cl. Demás bases y antecedentes autos ejecutivos caratulados 'Scotiabank Chile/Vivanco', Rol N° C-17052-2024. Secretaria.

REMATE 13° JUZGADO CIVIL DE

Santiago, Huérfanos N° 1409, piso 4, Santiago subasta por videoconferencia plataforma Zoom, el 26 de agosto de 2025 a las 13:30 horas, el siguiente inmueble: departamento N° 42, del bock 3, del edificio con acceso por calle Juanita N° 13230, de la comuna de La Pintana, incluye derechos de dominio y uso y goce de los bienes comunes de todo el edificio. Dominio inscrito a fojas 6512 N° 4384, Registro de Propiedad año 2013, Conservador Bienes Raíces de San Miguel. Mínimo para las posturas $ 22.945.759.- Precio pagadero al contado dentro de 5° día hábil después del remate. Los interesados deberán consignar garantía suficiente para participar de la subasta de acuerdo a las bases de remate, por el 10% del mínimo, mediante vale vista a nombre del Décimo Tercer Juzgado Civil de Santiago, Rut N° 60.306.013-K, entregado en Secretaría del Tribunal, el lunes o miércoles anterior al día del remate, en horario de 08:00 a 12.00 horas y de 13:00 a 14:00 horas, y deberá coordinar su asistencia al correo jcsantiago13_remates@pjud.cl, indicando en asunto 'Remate' señalando Rol de la Causa y Fecha del remate, al cual deberán coordinar todo interesado en presenciar y/o participar en la subasta. Demás estipulaciones y antecedentes en juicio caratulado 'Scotiabank Chile / Segovia' Rol C-23-2025 La Secretaria.

REMATE: DÉCIMO TERCER JUZ-

gado Civil de Santiago, Huérfanos 1409 cuarto piso, expediente 'Metlife Chile Seguros de Vida S.A. con Norambuena Araya, Karen', Rol: C-22044-2024. Hipotecario ley de bancos. Se rematará el 23 de septiembre de 2025, a las 13:15 horas, vía plataforma zoom, departamento número dos mil trece del vigésimo piso, del denominado 'Edificio Portugal Ochocientos Diez', con ingreso por Avenida Portugal número ochocientos diez, comuna de Santiago, Región Metropolitana, y derechos en proporción al valor de lo adquirido en unión de los otros adquirentes en los bienes comunes, entre los cuales se encuentra el terreno, inscrito a nombre de doña Karen Alejandra Norambuena Araya a fojas 93232 número 133870 del Registro de Propiedad del Conservador de Bienes Raíces de Santiago correspondiente al año 2018. Mínimo: será la suma equivalente al día del remate a 1.609,0438 unidades de fomento más la suma de $ 482.033.- por concepto de costas. El saldo se consignará al contado dentro de quinto día hábil de efectuada la subasta. La subasta se realizará por video conferencia, mediante la plataforma zoom, debiendo los postores coordinar al correo jcsantiago13_remates@pjud.cl. Para lo cual se requiere de un computador o teléfono, en ambos casos con cámara, micrófono y audio del mismo equipo y conexión a internet, siendo carga de las partes y postores el tener los elementos tecnológicos y de conexión. Los interesados deben rendir la garantía equivalente al 10% del mínimo fijado, mediante vale vista a nombre del Décimo Tercer Juzgado Civil de Santiago, Rut N° 60.306.013-k, hasta las 12:00 horas del día hábil anterior a la fecha fijada para el remate, garantía que se imputará al precio del remate, o se hará efectiva en la forma legal. Para los efectos de constitución de la garantía suficiente, se deja establecido que los postores deberán comparecer al tribunal el día hábil anterior al día de la subasta, esto es, el día lunes anterior al día del remate y en su caso, el miércoles anterior al día del remate, ello desde las 11:00 horas y hasta las 14:00 horas, a fin de hacer entrega en la secretaría del respectivo vale vista a nombre del Décimo Tercer Juzgado Civil de Santiago, Rut N° 60.306.013-k. Los postores a más tardar a las 14:00 horas del día hábil anterior a la realización de la subasta, deberán enviar un correo electrónico a jcsantiago13_remates@pjud.cl, indicando en el asunto 'remate', con señalamiento del rol de la causa y la fecha de realización, a fin de coordinar su participación, así como para obtener información respecto al protocolo para la realización de la subasta y re-
